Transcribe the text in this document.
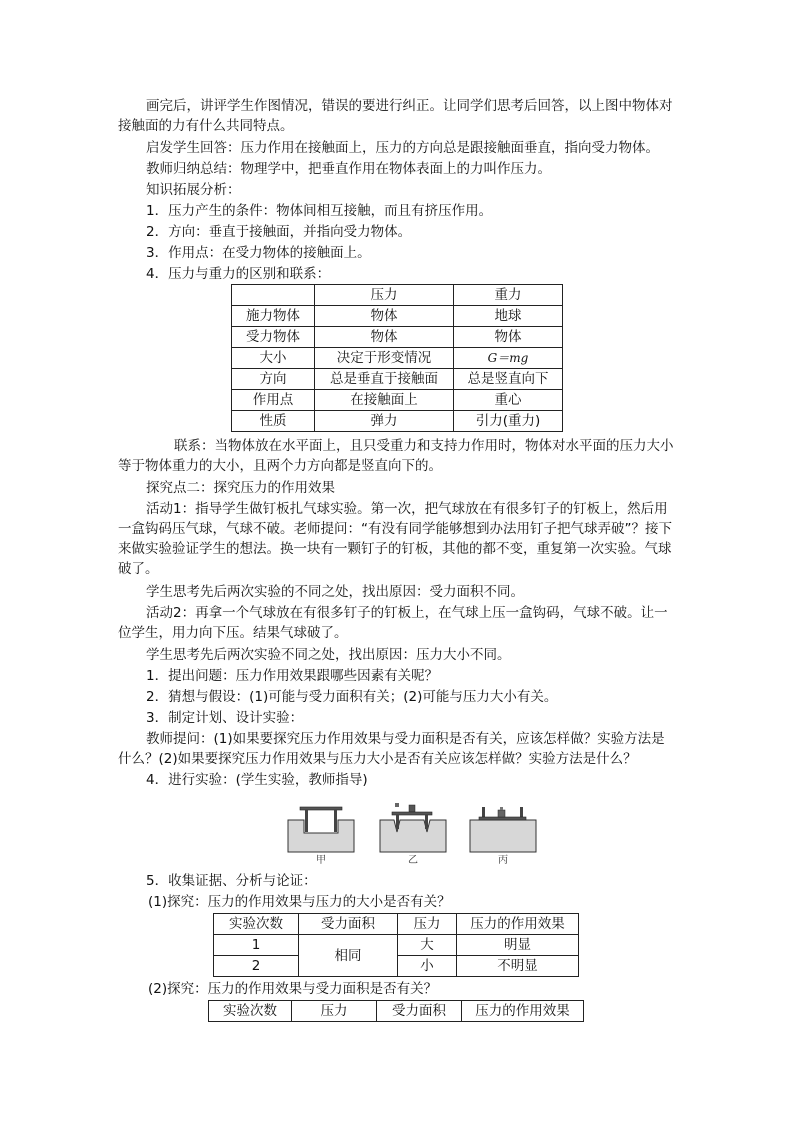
画完后，讲评学生作图情况，错误的要进行纠正。让同学们思考后回答，以上图中物体对接触面的力有什么共同特点。

启发学生回答：压力作用在接触面上，压力的方向总是跟接触面垂直，指向受力物体。

教师归纳总结：物理学中，把垂直作用在物体表面上的力叫作压力。

知识拓展分析：

1．压力产生的条件：物体间相互接触，而且有挤压作用。

2．方向：垂直于接触面，并指向受力物体。

3．作用点：在受力物体的接触面上。

4．压力与重力的区别和联系：

	压力	重力
施力物体	物体	地球
受力物体	物体	物体
大小	决定于形变情况	G＝mg
方向	总是垂直于接触面	总是竖直向下
作用点	在接触面上	重心
性质	弹力	引力(重力)

联系：当物体放在水平面上，且只受重力和支持力作用时，物体对水平面的压力大小等于物体重力的大小，且两个力方向都是竖直向下的。

探究点二：探究压力的作用效果

活动1：指导学生做钉板扎气球实验。第一次，把气球放在有很多钉子的钉板上，然后用一盒钩码压气球，气球不破。老师提问：“有没有同学能够想到办法用钉子把气球弄破”？接下来做实验验证学生的想法。换一块有一颗钉子的钉板，其他的都不变，重复第一次实验。气球破了。

学生思考先后两次实验的不同之处，找出原因：受力面积不同。

活动2：再拿一个气球放在有很多钉子的钉板上，在气球上压一盒钩码，气球不破。让一位学生，用力向下压。结果气球破了。

学生思考先后两次实验不同之处，找出原因：压力大小不同。

1．提出问题：压力作用效果跟哪些因素有关呢？

2．猜想与假设：(1)可能与受力面积有关；(2)可能与压力大小有关。

3．制定计划、设计实验：

教师提问：(1)如果要探究压力作用效果与受力面积是否有关，应该怎样做？实验方法是什么？(2)如果要探究压力作用效果与压力大小是否有关应该怎样做？实验方法是什么？

4．进行实验：(学生实验，教师指导)

甲	乙	丙

5．收集证据、分析与论证：

(1)探究：压力的作用效果与压力的大小是否有关？

实验次数	受力面积	压力	压力的作用效果
1	相同	大	明显
2		小	不明显

(2)探究：压力的作用效果与受力面积是否有关？

实验次数	压力	受力面积	压力的作用效果
